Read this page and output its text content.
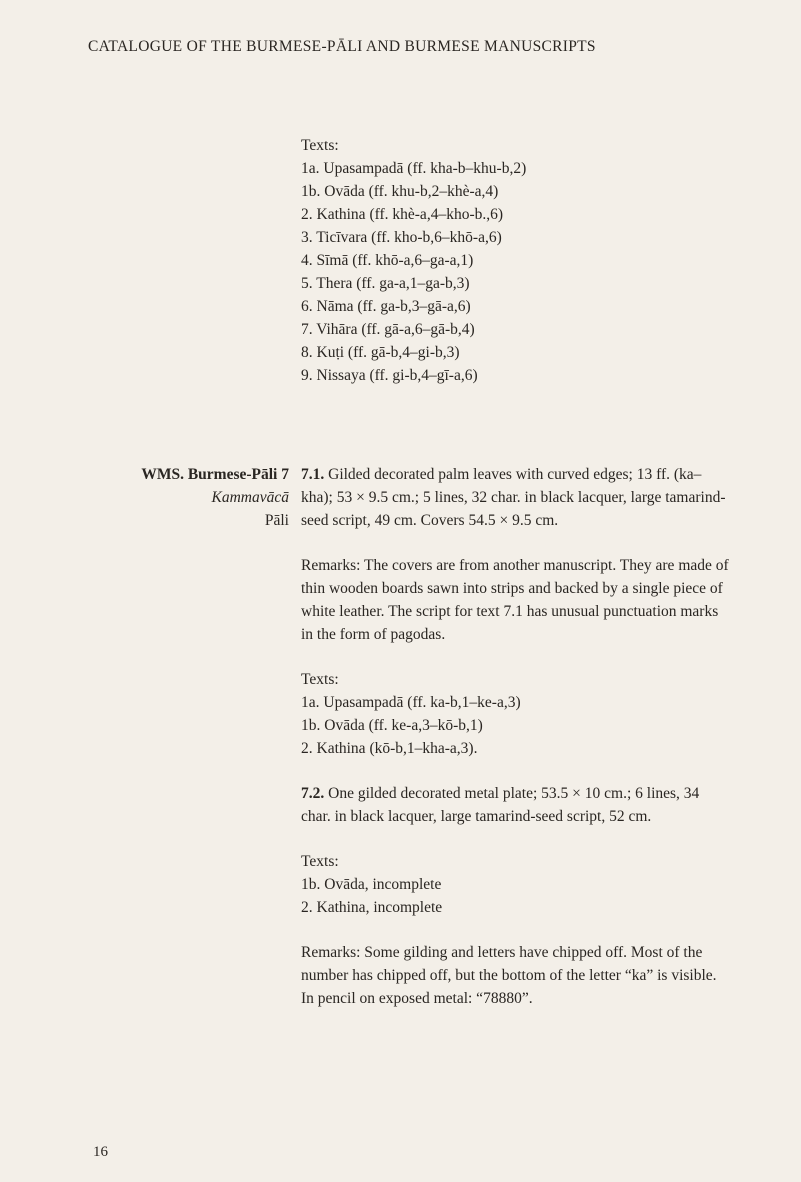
CATALOGUE OF THE BURMESE-PĀLI AND BURMESE MANUSCRIPTS

Texts:

1a. Upasampadā (ff. kha-b–khu-b,2)

1b. Ovāda (ff. khu-b,2–khè-a,4)

2. Kathina (ff. khè-a,4–kho-b.,6)

3. Ticīvara (ff. kho-b,6–khō-a,6)

4. Sīmā (ff. khō-a,6–ga-a,1)

5. Thera (ff. ga-a,1–ga-b,3)

6. Nāma (ff. ga-b,3–gā-a,6)

7. Vihāra (ff. gā-a,6–gā-b,4)

8. Kuṭi (ff. gā-b,4–gi-b,3)

9. Nissaya (ff. gi-b,4–gī-a,6)

WMS. Burmese-Pāli 7
Kammavācā
Pāli

7.1. Gilded decorated palm leaves with curved edges; 13 ff. (ka–kha); 53 × 9.5 cm.; 5 lines, 32 char. in black lacquer, large tamarind-seed script, 49 cm. Covers 54.5 × 9.5 cm.

Remarks: The covers are from another manuscript. They are made of thin wooden boards sawn into strips and backed by a single piece of white leather. The script for text 7.1 has unusual punctuation marks in the form of pagodas.

Texts:

1a. Upasampadā (ff. ka-b,1–ke-a,3)

1b. Ovāda (ff. ke-a,3–kō-b,1)

2. Kathina (kō-b,1–kha-a,3).

7.2. One gilded decorated metal plate; 53.5 × 10 cm.; 6 lines, 34 char. in black lacquer, large tamarind-seed script, 52 cm.

Texts:

1b. Ovāda, incomplete

2. Kathina, incomplete

Remarks: Some gilding and letters have chipped off. Most of the number has chipped off, but the bottom of the letter “ka” is visible. In pencil on exposed metal: “78880”.

16
